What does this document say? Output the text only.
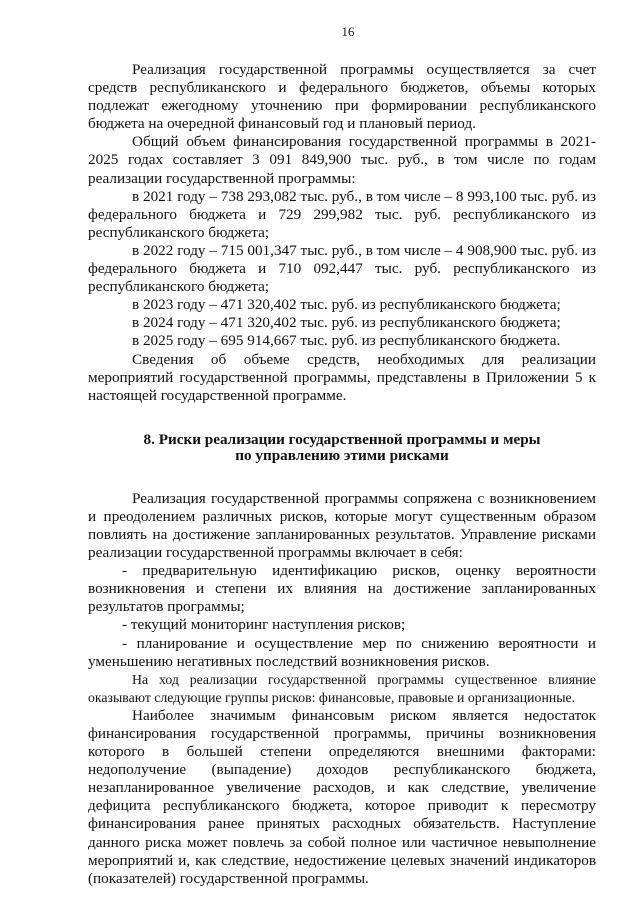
16

Реализация государственной программы осуществляется за счет средств республиканского и федерального бюджетов, объемы которых подлежат ежегодному уточнению при формировании республиканского бюджета на очередной финансовый год и плановый период.

Общий объем финансирования государственной программы в 2021-2025 годах составляет 3 091 849,900 тыс. руб., в том числе по годам реализации государственной программы:

в 2021 году – 738 293,082 тыс. руб., в том числе – 8 993,100 тыс. руб. из федерального бюджета и 729 299,982 тыс. руб. республиканского из республиканского бюджета;

в 2022 году – 715 001,347 тыс. руб., в том числе – 4 908,900 тыс. руб. из федерального бюджета и 710 092,447 тыс. руб. республиканского из республиканского бюджета;

в 2023 году – 471 320,402 тыс. руб. из республиканского бюджета;

в 2024 году – 471 320,402 тыс. руб. из республиканского бюджета;

в 2025 году – 695 914,667 тыс. руб. из республиканского бюджета.

Сведения об объеме средств, необходимых для реализации мероприятий государственной программы, представлены в Приложении 5 к настоящей государственной программе.

8. Риски реализации государственной программы и меры
по управлению этими рисками

Реализация государственной программы сопряжена с возникновением и преодолением различных рисков, которые могут существенным образом повлиять на достижение запланированных результатов. Управление рисками реализации государственной программы включает в себя:

- предварительную идентификацию рисков, оценку вероятности возникновения и степени их влияния на достижение запланированных результатов программы;

- текущий мониторинг наступления рисков;

- планирование и осуществление мер по снижению вероятности и уменьшению негативных последствий возникновения рисков.

На ход реализации государственной программы существенное влияние оказывают следующие группы рисков: финансовые, правовые и организационные.

Наиболее значимым финансовым риском является недостаток финансирования государственной программы, причины возникновения которого в большей степени определяются внешними факторами: недополучение (выпадение) доходов республиканского бюджета, незапланированное увеличение расходов, и как следствие, увеличение дефицита республиканского бюджета, которое приводит к пересмотру финансирования ранее принятых расходных обязательств. Наступление данного риска может повлечь за собой полное или частичное невыполнение мероприятий и, как следствие, недостижение целевых значений индикаторов (показателей) государственной программы.
